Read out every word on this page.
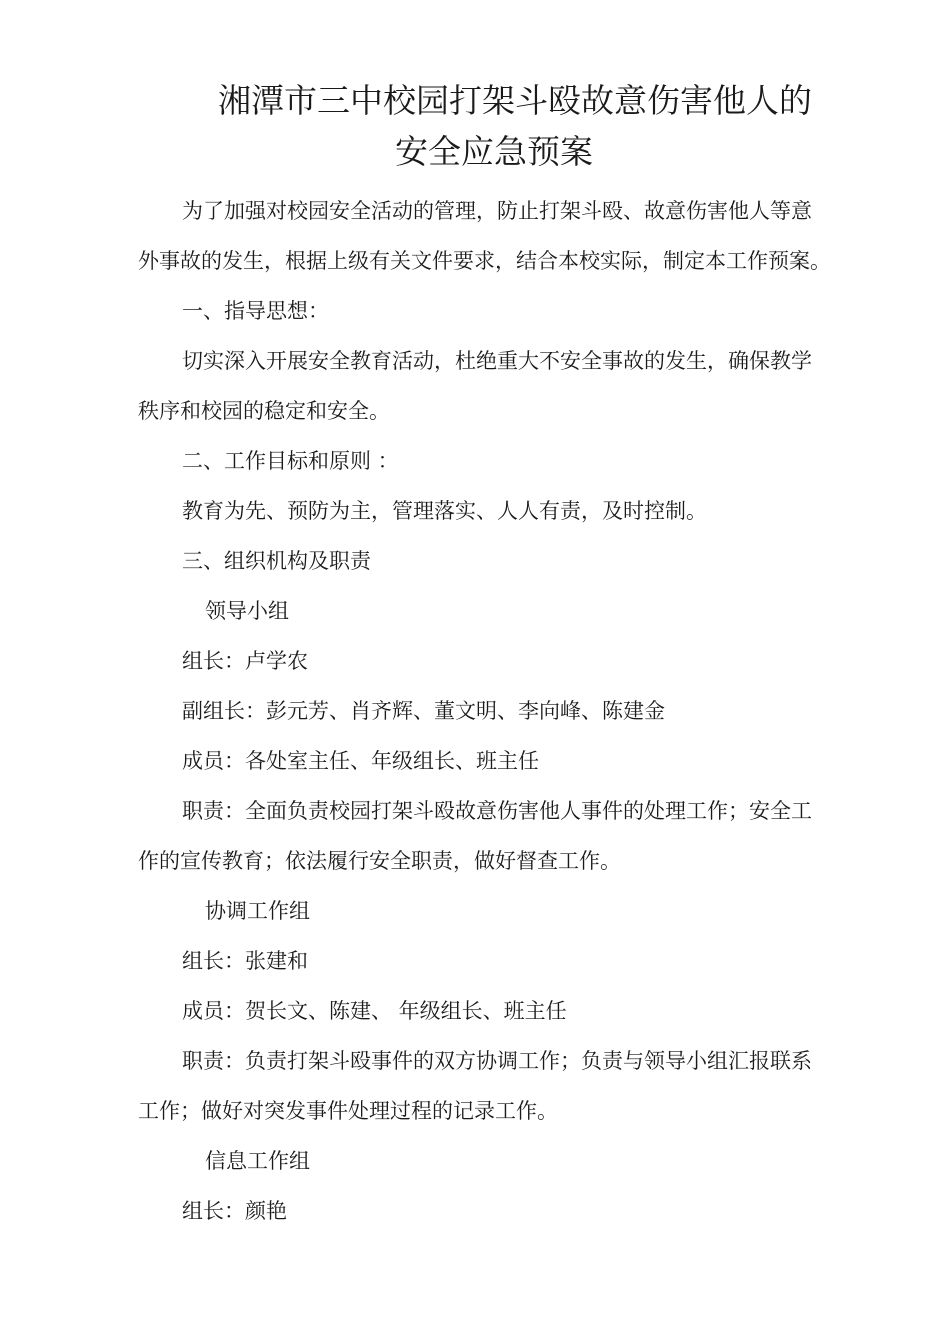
湘潭市三中校园打架斗殴故意伤害他人的
安全应急预案
为了加强对校园安全活动的管理，防止打架斗殴、故意伤害他人等意
外事故的发生，根据上级有关文件要求，结合本校实际，制定本工作预案。
一、指导思想：
切实深入开展安全教育活动，杜绝重大不安全事故的发生，确保教学
秩序和校园的稳定和安全。
二、工作目标和原则 ：
教育为先、预防为主，管理落实、人人有责，及时控制。
三、组织机构及职责
领导小组
组长：卢学农
副组长：彭元芳、肖齐辉、董文明、李向峰、陈建金
成员：各处室主任、年级组长、班主任
职责：全面负责校园打架斗殴故意伤害他人事件的处理工作；安全工
作的宣传教育；依法履行安全职责，做好督查工作。
协调工作组
组长：张建和
成员：贺长文、陈建、 年级组长、班主任
职责：负责打架斗殴事件的双方协调工作；负责与领导小组汇报联系
工作；做好对突发事件处理过程的记录工作。
信息工作组
组长：颜艳
